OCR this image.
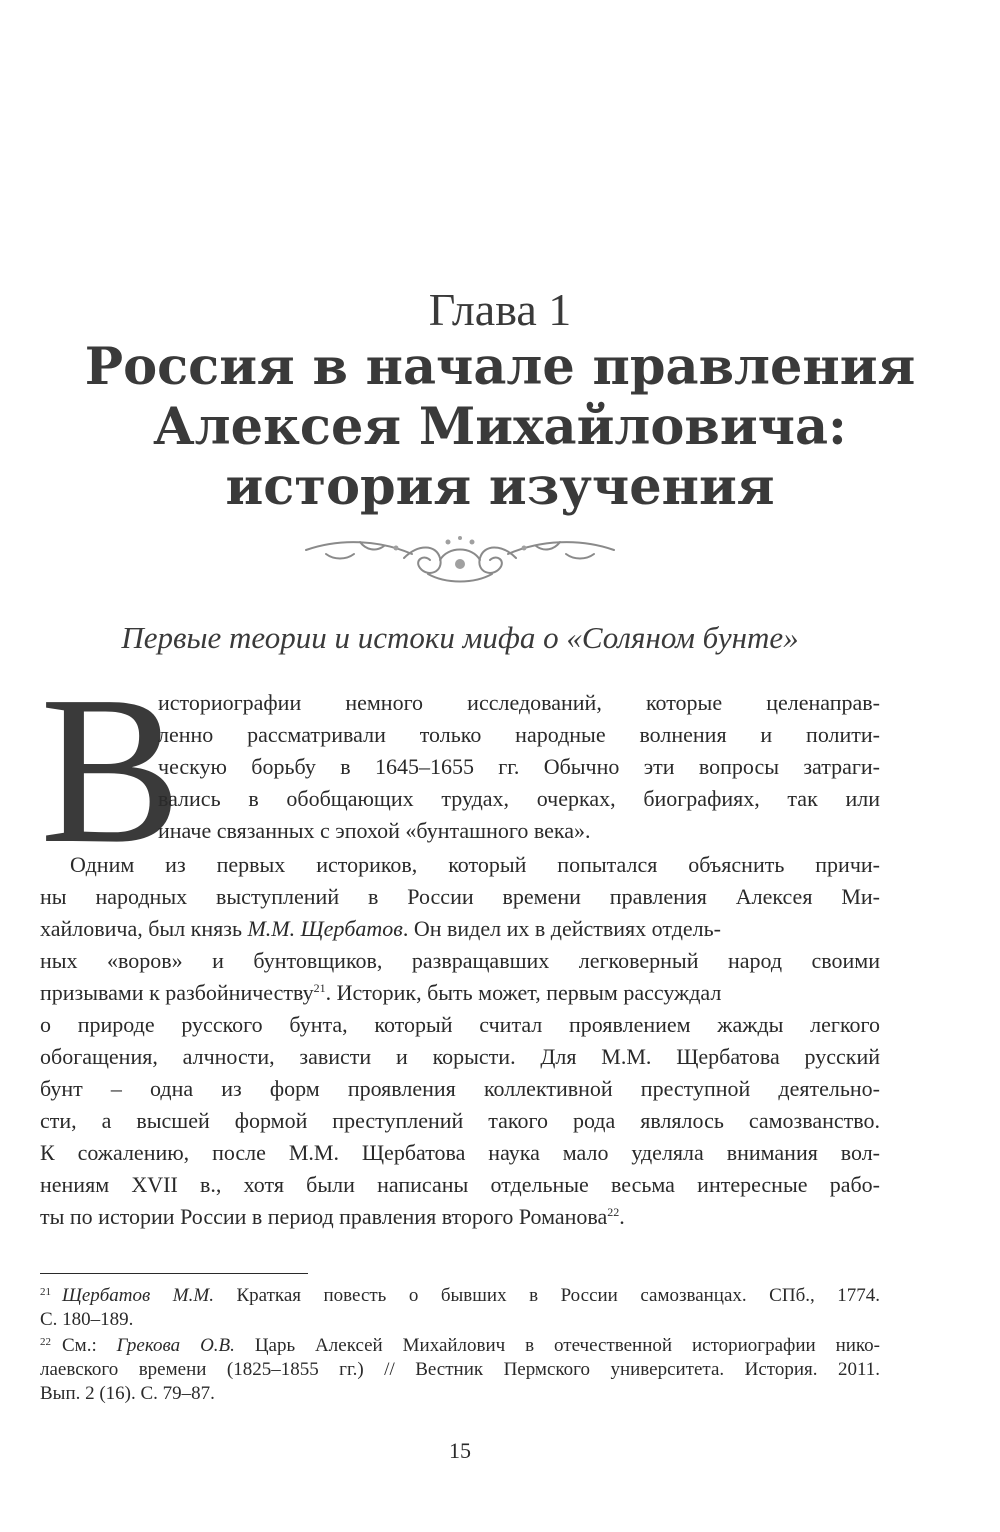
Глава 1
Россия в начале правления
Алексея Михайловича:
история изучения
Первые теории и истоки мифа о «Соляном бунте»
В
историографии немного исследований, которые целенаправ-
ленно рассматривали только народные волнения и полити-
ческую борьбу в 1645–1655 гг. Обычно эти вопросы затраги-
вались в обобщающих трудах, очерках, биографиях, так или
иначе связанных с эпохой «бунташного века».
Одним из первых историков, который попытался объяснить причи-
ны народных выступлений в России времени правления Алексея Ми-
хайловича, был князь М.М. Щербатов. Он видел их в действиях отдель-
ных «воров» и бунтовщиков, развращавших легковерный народ своими
призывами к разбойничеству$^{21}$. Историк, быть может, первым рассуждал
о природе русского бунта, который считал проявлением жажды легкого
обогащения, алчности, зависти и корысти. Для М.М. Щербатова русский
бунт – одна из форм проявления коллективной преступной деятельно-
сти, а высшей формой преступлений такого рода являлось самозванство.
К сожалению, после М.М. Щербатова наука мало уделяла внимания вол-
нениям XVII в., хотя были написаны отдельные весьма интересные рабо-
ты по истории России в период правления второго Романова$^{22}$.
21 Щербатов М.М. Краткая повесть о бывших в России самозванцах. СПб., 1774.
С. 180–189.
22 См.: Грекова О.В. Царь Алексей Михайлович в отечественной историографии нико-
лаевского времени (1825–1855 гг.) // Вестник Пермского университета. История. 2011.
Вып. 2 (16). С. 79–87.
15
